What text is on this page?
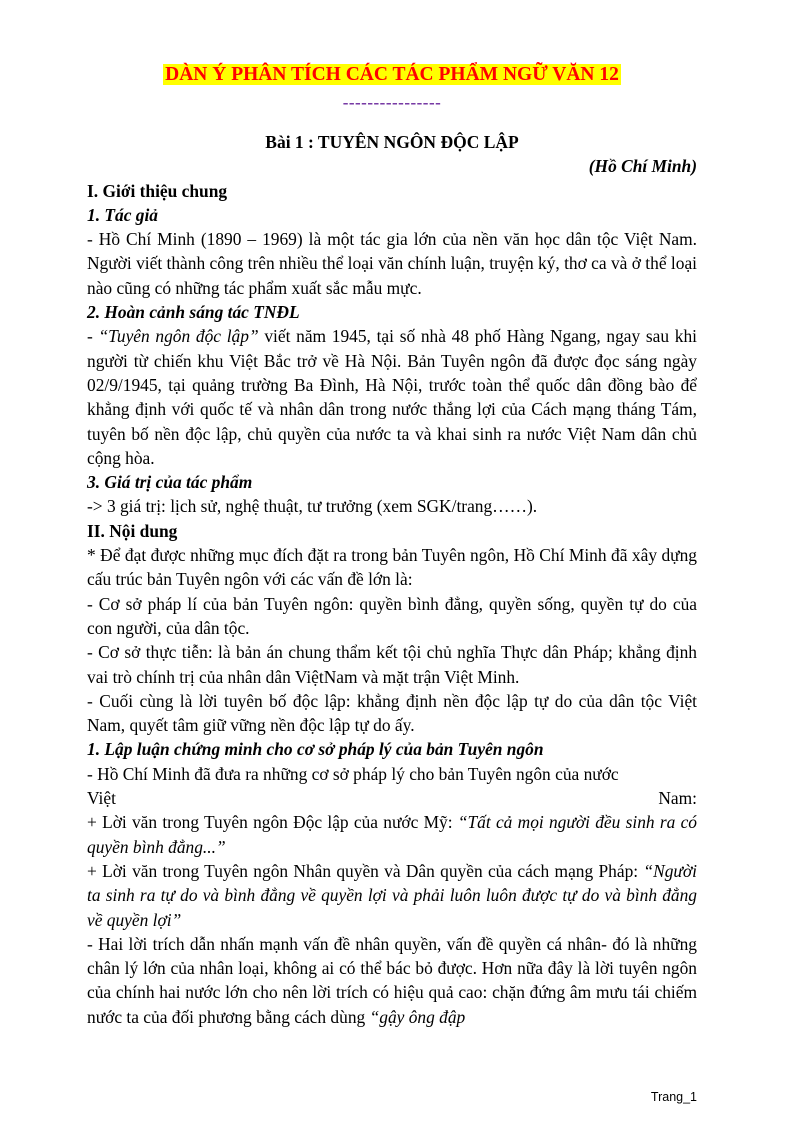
DÀN Ý PHÂN TÍCH CÁC TÁC PHẨM NGỮ VĂN 12
----------------
Bài 1 : TUYÊN NGÔN ĐỘC LẬP
(Hồ Chí Minh)
I. Giới thiệu chung
1. Tác giả

- Hồ Chí Minh (1890 – 1969) là một tác gia lớn của nền văn học dân tộc Việt Nam. Người viết thành công trên nhiều thể loại văn chính luận, truyện ký, thơ ca và ở thể loại nào cũng có những tác phẩm xuất sắc mẫu mực.

2. Hoàn cảnh sáng tác TNĐL

- “Tuyên ngôn độc lập” viết năm 1945, tại số nhà 48 phố Hàng Ngang, ngay sau khi người từ chiến khu Việt Bắc trở về Hà Nội. Bản Tuyên ngôn đã được đọc sáng ngày 02/9/1945, tại quảng trường Ba Đình, Hà Nội, trước toàn thể quốc dân đồng bào để khẳng định với quốc tế và nhân dân trong nước thắng lợi của Cách mạng tháng Tám, tuyên bố nền độc lập, chủ quyền của nước ta và khai sinh ra nước Việt Nam dân chủ cộng hòa.

3. Giá trị của tác phẩm

-> 3 giá trị: lịch sử, nghệ thuật, tư trưởng (xem SGK/trang……).

II. Nội dung

* Để đạt được những mục đích đặt ra trong bản Tuyên ngôn, Hồ Chí Minh đã xây dựng cấu trúc bản Tuyên ngôn với các vấn đề lớn là:

- Cơ sở pháp lí của bản Tuyên ngôn: quyền bình đẳng, quyền sống, quyền tự do của con người, của dân tộc.

- Cơ sở thực tiễn: là bản án chung thẩm kết tội chủ nghĩa Thực dân Pháp; khẳng định vai trò chính trị của nhân dân ViệtNam và mặt trận Việt Minh.

- Cuối cùng là lời tuyên bố độc lập: khẳng định nền độc lập tự do của dân tộc Việt Nam, quyết tâm giữ vững nền độc lập tự do ấy.

1. Lập luận chứng minh cho cơ sở pháp lý của bản Tuyên ngôn

- Hồ Chí Minh đã đưa ra những cơ sở pháp lý cho bản Tuyên ngôn của nước

Việt	Nam:

+ Lời văn trong Tuyên ngôn Độc lập của nước Mỹ: “Tất cả mọi người đều sinh ra có quyền bình đẳng...”

+ Lời văn trong Tuyên ngôn Nhân quyền và Dân quyền của cách mạng Pháp: “Người ta sinh ra tự do và bình đẳng về quyền lợi và phải luôn luôn được tự do và bình đẳng về quyền lợi”

- Hai lời trích dẫn nhấn mạnh vấn đề nhân quyền, vấn đề quyền cá nhân- đó là những chân lý lớn của nhân loại, không ai có thể bác bỏ được. Hơn nữa đây là lời tuyên ngôn của chính hai nước lớn cho nên lời trích có hiệu quả cao: chặn đứng âm mưu tái chiếm nước ta của đối phương bằng cách dùng “gậy ông đập

Trang_1
